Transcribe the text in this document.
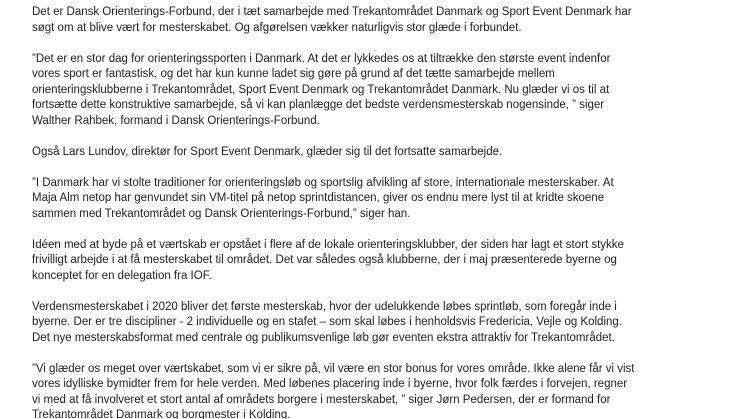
Det er Dansk Orienterings-Forbund, der i tæt samarbejde med Trekantområdet Danmark og Sport Event Denmark har
søgt om at blive vært for mesterskabet. Og afgørelsen vækker naturligvis stor glæde i forbundet.

”Det er en stor dag for orienteringssporten i Danmark. At det er lykkedes os at tiltrække den største event indenfor
vores sport er fantastisk, og det har kun kunne ladet sig gøre på grund af det tætte samarbejde mellem
orienteringsklubberne i Trekantområdet, Sport Event Denmark og Trekantområdet Danmark. Nu glæder vi os til at
fortsætte dette konstruktive samarbejde, så vi kan planlægge det bedste verdensmesterskab nogensinde, ” siger
Walther Rahbek, formand i Dansk Orienterings-Forbund.

Også Lars Lundov, direktør for Sport Event Denmark, glæder sig til det fortsatte samarbejde.

”I Danmark har vi stolte traditioner for orienteringsløb og sportslig afvikling af store, internationale mesterskaber. At
Maja Alm netop har genvundet sin VM-titel på netop sprintdistancen, giver os endnu mere lyst til at kridte skoene
sammen med Trekantområdet og Dansk Orienterings-Forbund,” siger han.

Idéen med at byde på et værtskab er opstået i flere af de lokale orienteringsklubber, der siden har lagt et stort stykke
frivilligt arbejde i at få mesterskabet til området. Det var således også klubberne, der i maj præsenterede byerne og
konceptet for en delegation fra IOF.

Verdensmesterskabet i 2020 bliver det første mesterskab, hvor der udelukkende løbes sprintløb, som foregår inde i
byerne. Der er tre discipliner - 2 individuelle og en stafet – som skal løbes i henholdsvis Fredericia, Vejle og Kolding.
Det nye mesterskabsformat med centrale og publikumsvenlige løb gør eventen ekstra attraktiv for Trekantområdet.

”Vi glæder os meget over værtskabet, som vi er sikre på, vil være en stor bonus for vores område. Ikke alene får vi vist
vores idylliske bymidter frem for hele verden. Med løbenes placering inde i byerne, hvor folk færdes i forvejen, regner
vi med at få involveret et stort antal af områdets borgere i mesterskabet, ” siger Jørn Pedersen, der er formand for
Trekantområdet Danmark og borgmester i Kolding.
